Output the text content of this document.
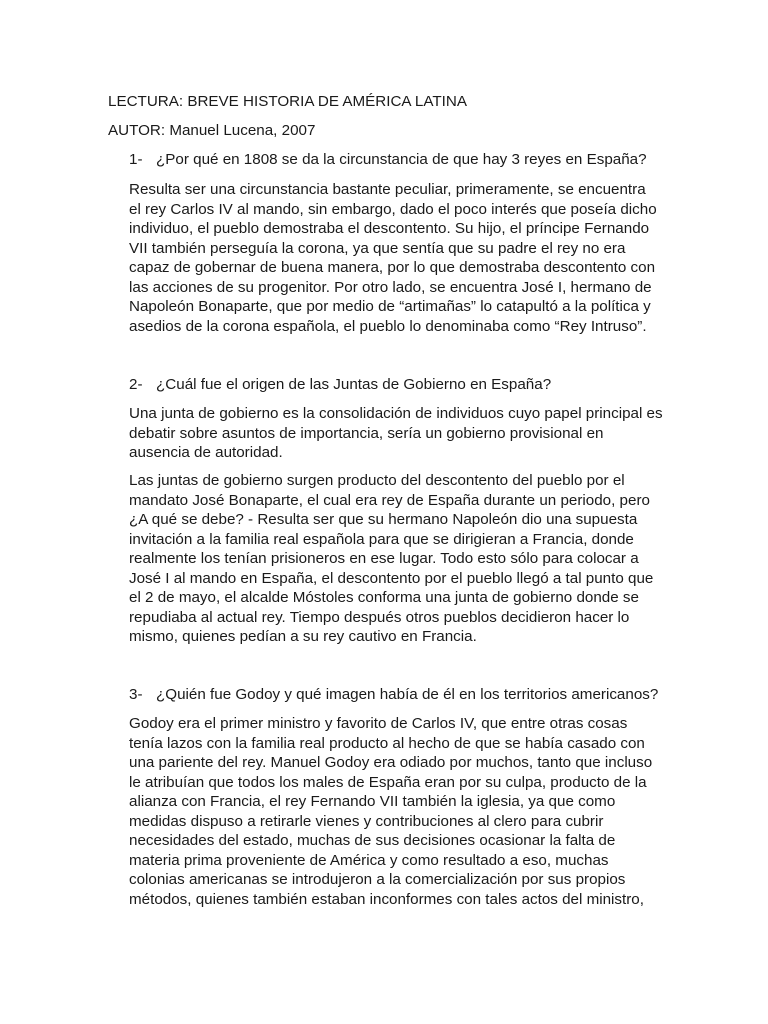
LECTURA: BREVE HISTORIA DE AMÉRICA LATINA
AUTOR: Manuel Lucena, 2007
1- ¿Por qué en 1808 se da la circunstancia de que hay 3 reyes en España?
Resulta ser una circunstancia bastante peculiar, primeramente, se encuentra
el rey Carlos IV al mando, sin embargo, dado el poco interés que poseía dicho
individuo, el pueblo demostraba el descontento. Su hijo, el príncipe Fernando
VII también perseguía la corona, ya que sentía que su padre el rey no era
capaz de gobernar de buena manera, por lo que demostraba descontento con
las acciones de su progenitor. Por otro lado, se encuentra José I, hermano de
Napoleón Bonaparte, que por medio de “artimañas” lo catapultó a la política y
asedios de la corona española, el pueblo lo denominaba como “Rey Intruso”.
2- ¿Cuál fue el origen de las Juntas de Gobierno en España?
Una junta de gobierno es la consolidación de individuos cuyo papel principal es
debatir sobre asuntos de importancia, sería un gobierno provisional en
ausencia de autoridad.
Las juntas de gobierno surgen producto del descontento del pueblo por el
mandato José Bonaparte, el cual era rey de España durante un periodo, pero
¿A qué se debe? - Resulta ser que su hermano Napoleón dio una supuesta
invitación a la familia real española para que se dirigieran a Francia, donde
realmente los tenían prisioneros en ese lugar. Todo esto sólo para colocar a
José I al mando en España, el descontento por el pueblo llegó a tal punto que
el 2 de mayo, el alcalde Móstoles conforma una junta de gobierno donde se
repudiaba al actual rey. Tiempo después otros pueblos decidieron hacer lo
mismo, quienes pedían a su rey cautivo en Francia.
3- ¿Quién fue Godoy y qué imagen había de él en los territorios americanos?
Godoy era el primer ministro y favorito de Carlos IV, que entre otras cosas
tenía lazos con la familia real producto al hecho de que se había casado con
una pariente del rey. Manuel Godoy era odiado por muchos, tanto que incluso
le atribuían que todos los males de España eran por su culpa, producto de la
alianza con Francia, el rey Fernando VII también la iglesia, ya que como
medidas dispuso a retirarle vienes y contribuciones al clero para cubrir
necesidades del estado, muchas de sus decisiones ocasionar la falta de
materia prima proveniente de América y como resultado a eso, muchas
colonias americanas se introdujeron a la comercialización por sus propios
métodos, quienes también estaban inconformes con tales actos del ministro,
